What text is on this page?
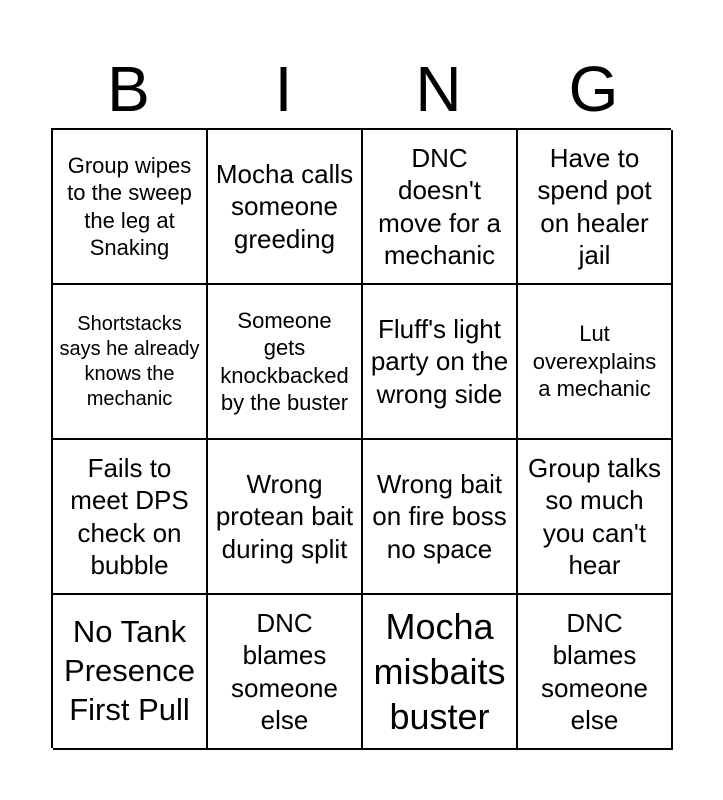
B	I	N	G
Group wipes to the sweep the leg at Snaking
Mocha calls someone greeding
DNC doesn't move for a mechanic
Have to spend pot on healer jail
Shortstacks says he already knows the mechanic
Someone gets knockbacked by the buster
Fluff's light party on the wrong side
Lut overexplains a mechanic
Fails to meet DPS check on bubble
Wrong protean bait during split
Wrong bait on fire boss no space
Group talks so much you can't hear
No Tank Presence First Pull
DNC blames someone else
Mocha misbaits buster
DNC blames someone else
